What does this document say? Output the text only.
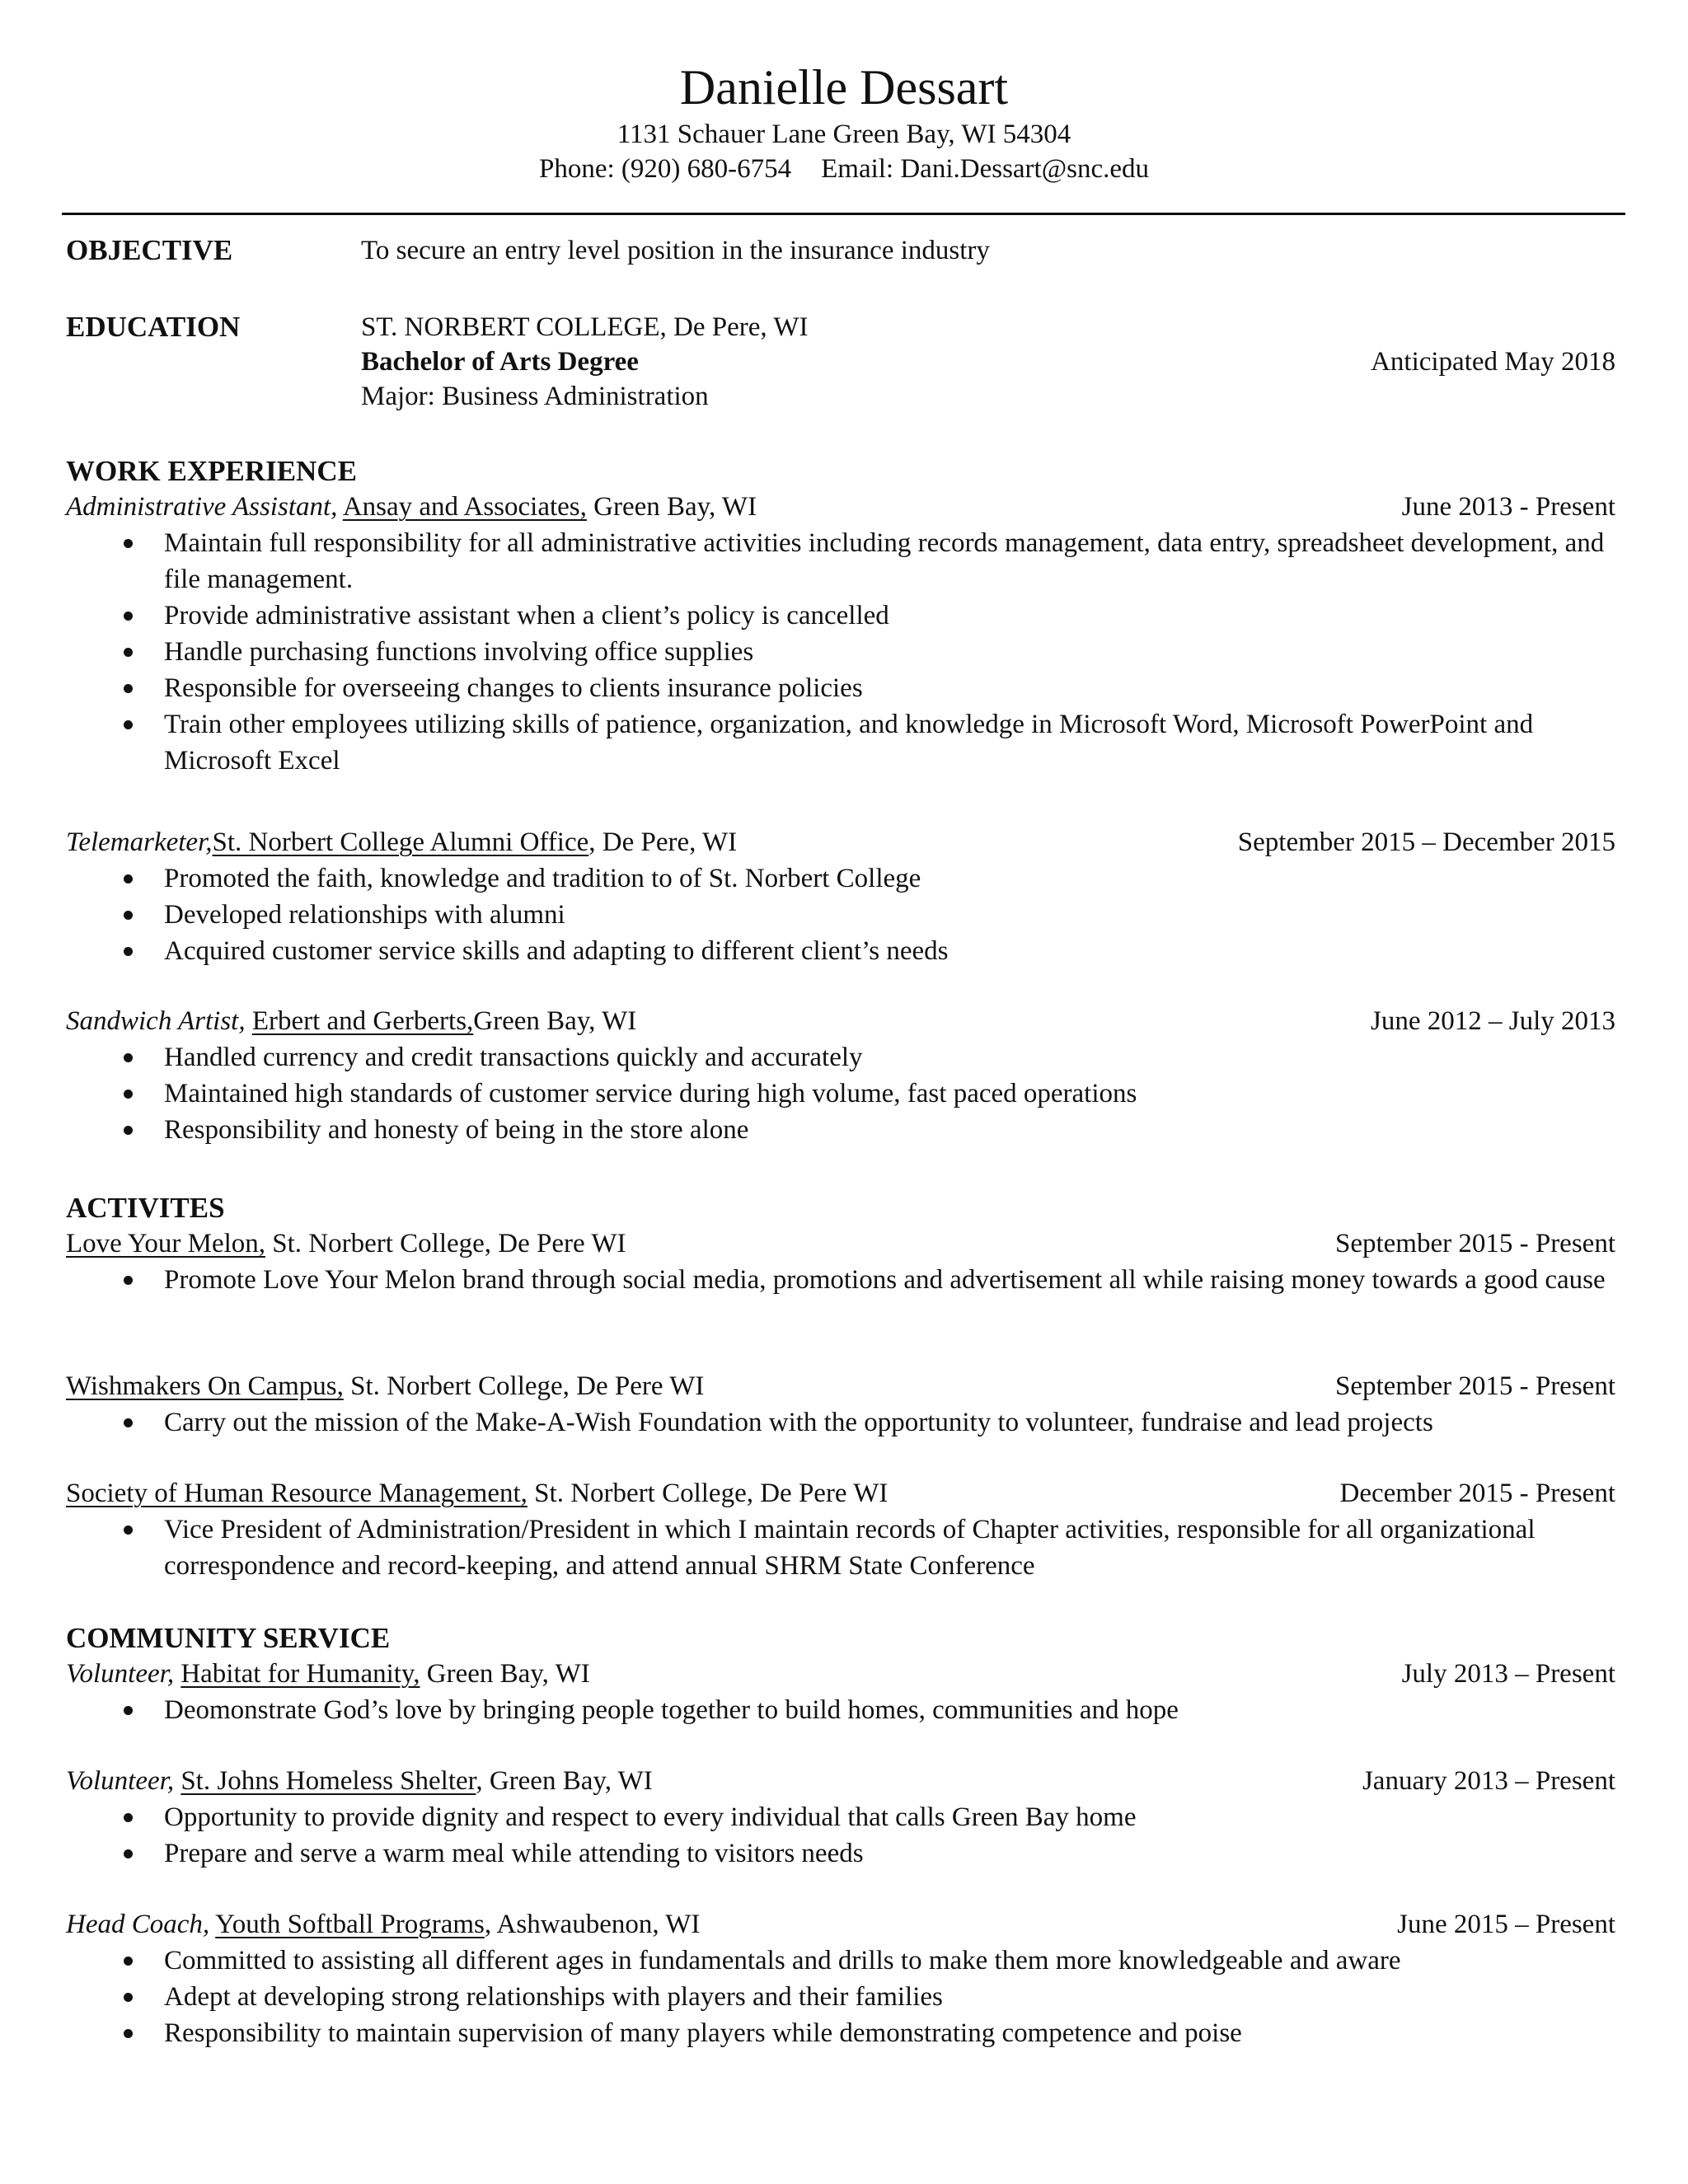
Danielle Dessart
1131 Schauer Lane Green Bay, WI 54304
Phone: (920) 680-6754 Email: Dani.Dessart@snc.edu
OBJECTIVE	To secure an entry level position in the insurance industry
EDUCATION	ST. NORBERT COLLEGE, De Pere, WI
Bachelor of Arts Degree	Anticipated May 2018
Major: Business Administration
WORK EXPERIENCE
Administrative Assistant, Ansay and Associates, Green Bay, WI	June 2013 - Present
Maintain full responsibility for all administrative activities including records management, data entry, spreadsheet development, and file management.
Provide administrative assistant when a client’s policy is cancelled
Handle purchasing functions involving office supplies
Responsible for overseeing changes to clients insurance policies
Train other employees utilizing skills of patience, organization, and knowledge in Microsoft Word, Microsoft PowerPoint and Microsoft Excel
Telemarketer,St. Norbert College Alumni Office, De Pere, WI	September 2015 – December 2015
Promoted the faith, knowledge and tradition to of St. Norbert College
Developed relationships with alumni
Acquired customer service skills and adapting to different client’s needs
Sandwich Artist, Erbert and Gerberts,Green Bay, WI	June 2012 – July 2013
Handled currency and credit transactions quickly and accurately
Maintained high standards of customer service during high volume, fast paced operations
Responsibility and honesty of being in the store alone
ACTIVITES
Love Your Melon, St. Norbert College, De Pere WI	September 2015 - Present
Promote Love Your Melon brand through social media, promotions and advertisement all while raising money towards a good cause
Wishmakers On Campus, St. Norbert College, De Pere WI	September 2015 - Present
Carry out the mission of the Make-A-Wish Foundation with the opportunity to volunteer, fundraise and lead projects
Society of Human Resource Management, St. Norbert College, De Pere WI	December 2015 - Present
Vice President of Administration/President in which I maintain records of Chapter activities, responsible for all organizational correspondence and record-keeping, and attend annual SHRM State Conference
COMMUNITY SERVICE
Volunteer, Habitat for Humanity, Green Bay, WI	July 2013 – Present
Deomonstrate God’s love by bringing people together to build homes, communities and hope
Volunteer, St. Johns Homeless Shelter, Green Bay, WI	January 2013 – Present
Opportunity to provide dignity and respect to every individual that calls Green Bay home
Prepare and serve a warm meal while attending to visitors needs
Head Coach, Youth Softball Programs, Ashwaubenon, WI	June 2015 – Present
Committed to assisting all different ages in fundamentals and drills to make them more knowledgeable and aware
Adept at developing strong relationships with players and their families
Responsibility to maintain supervision of many players while demonstrating competence and poise
